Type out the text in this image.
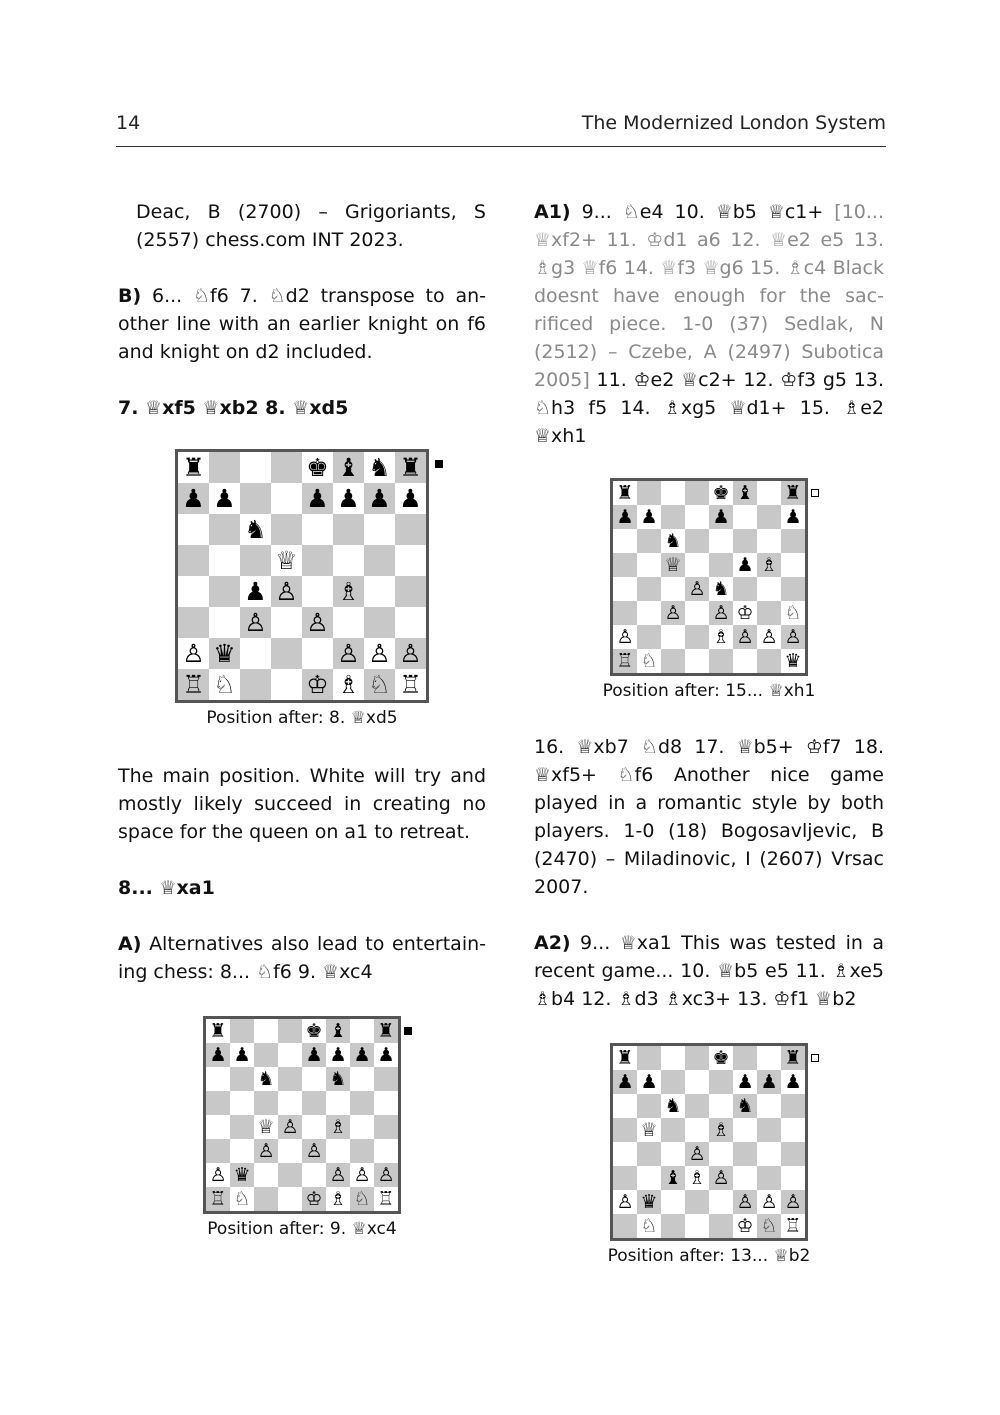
14	The Modernized London System

Deac, B (2700) – Grigoriants, S (2557) chess.com INT 2023.

B) 6... ♘f6 7. ♘d2 transpose to another line with an earlier knight on f6 and knight on d2 included.

7. ♕xf5 ♕xb2 8. ♕xd5

♜	♚ ♝ ♞ ♜
♟ ♟	♟ ♟ ♟ ♟
♞
♕
♟ ♙ ♗
♙ ♙
♙ ♛	♙ ♙ ♙
♖ ♘	♔ ♗ ♘ ♖

Position after: 8. ♕xd5

The main position. White will try and mostly likely succeed in creating no space for the queen on a1 to retreat.

8... ♕xa1

A) Alternatives also lead to entertaining chess: 8... ♘f6 9. ♕xc4

♜	♚ ♝ ♜
♟ ♟	♟ ♟ ♟ ♟
♞	♞
♕ ♙ ♗
♙ ♙
♙ ♛	♙ ♙ ♙
♖ ♘	♔ ♗ ♘ ♖

Position after: 9. ♕xc4

A1) 9... ♘e4 10. ♕b5 ♕c1+ [10... ♕xf2+ 11. ♔d1 a6 12. ♕e2 e5 13. ♗g3 ♕f6 14. ♕f3 ♕g6 15. ♗c4 Black doesnt have enough for the sacrificed piece. 1-0 (37) Sedlak, N (2512) – Czebe, A (2497) Subotica 2005] 11. ♔e2 ♕c2+ 12. ♔f3 g5 13. ♘h3 f5 14. ♗xg5 ♕d1+ 15. ♗e2 ♕xh1

♜	♚ ♝ ♜
♟ ♟	♟	♟
♞
♕	♟ ♗
♙ ♞
♙ ♙ ♔ ♘
♙	♗ ♙ ♙ ♙
♖ ♘	♛

Position after: 15... ♕xh1

16. ♕xb7 ♘d8 17. ♕b5+ ♔f7 18. ♕xf5+ ♘f6 Another nice game played in a romantic style by both players. 1-0 (18) Bogosavljevic, B (2470) – Miladinovic, I (2607) Vrsac 2007.

A2) 9... ♕xa1 This was tested in a recent game... 10. ♕b5 e5 11. ♗xe5 ♗b4 12. ♗d3 ♗xc3+ 13. ♔f1 ♕b2

♜	♚	♜
♟ ♟	♟ ♟ ♟
♞	♞
♕	♗
♙
♝ ♗ ♙
♙ ♛	♙ ♙ ♙
♘	♔ ♘ ♖

Position after: 13... ♕b2
